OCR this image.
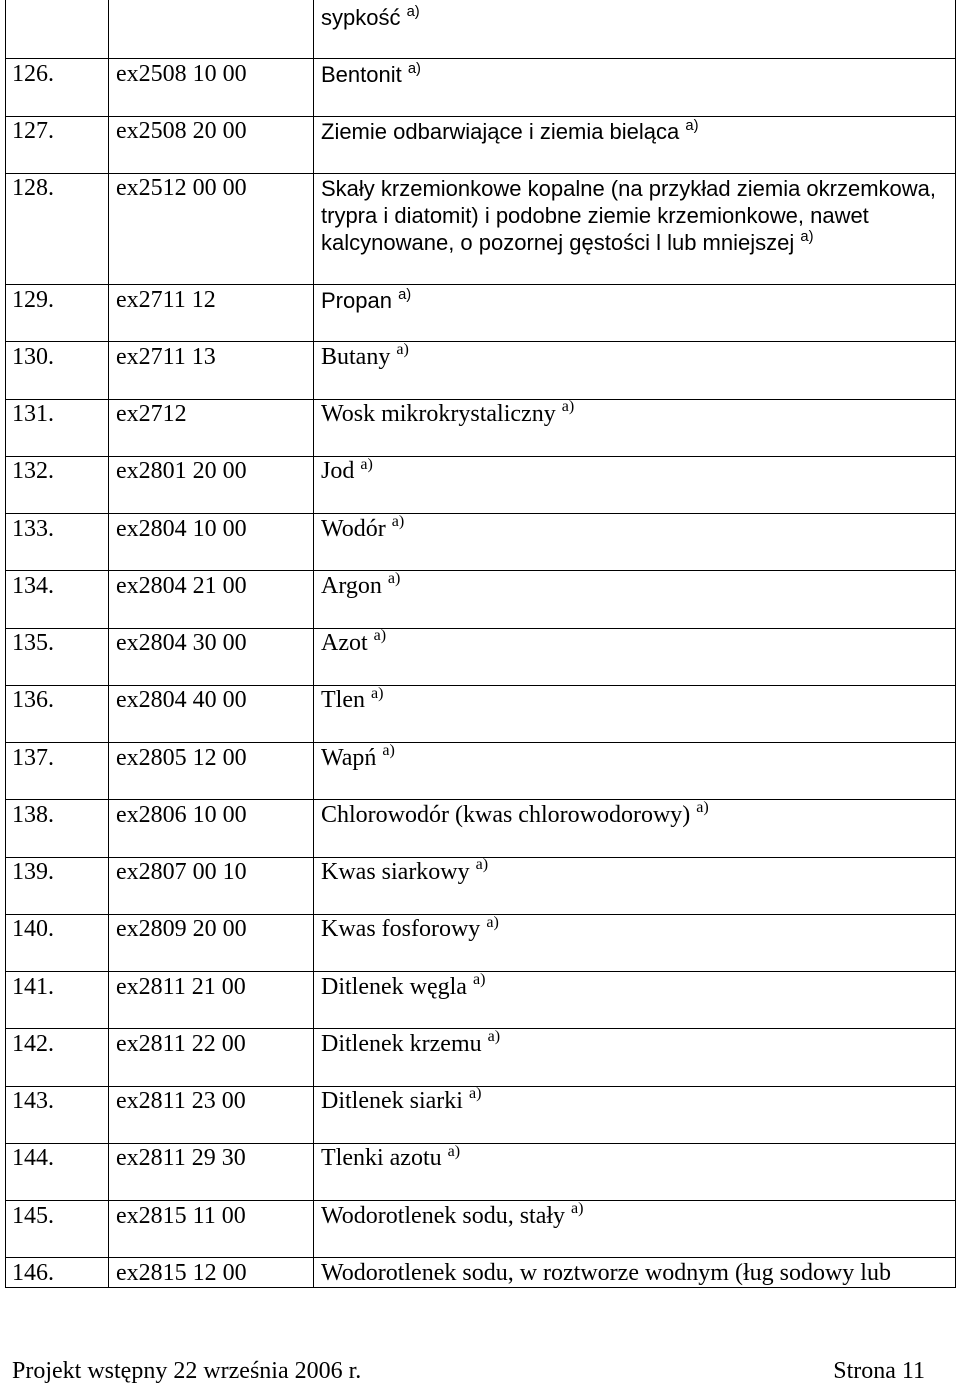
sypkość $^{a)}$
126.	ex2508 10 00	Bentonit $^{a)}$
127.	ex2508 20 00	Ziemie odbarwiające i ziemia bieląca $^{a)}$
128.	ex2512 00 00	Skały krzemionkowe kopalne (na przykład ziemia okrzemkowa,
trypra i diatomit) i podobne ziemie krzemionkowe, nawet
kalcynowane, o pozornej gęstości l lub mniejszej $^{a)}$
129.	ex2711 12	Propan $^{a)}$
130.	ex2711 13	Butany $^{a)}$
131.	ex2712	Wosk mikrokrystaliczny $^{a)}$
132.	ex2801 20 00	Jod $^{a)}$
133.	ex2804 10 00	Wodór $^{a)}$
134.	ex2804 21 00	Argon $^{a)}$
135.	ex2804 30 00	Azot $^{a)}$
136.	ex2804 40 00	Tlen $^{a)}$
137.	ex2805 12 00	Wapń $^{a)}$
138.	ex2806 10 00	Chlorowodór (kwas chlorowodorowy) $^{a)}$
139.	ex2807 00 10	Kwas siarkowy $^{a)}$
140.	ex2809 20 00	Kwas fosforowy $^{a)}$
141.	ex2811 21 00	Ditlenek węgla $^{a)}$
142.	ex2811 22 00	Ditlenek krzemu $^{a)}$
143.	ex2811 23 00	Ditlenek siarki $^{a)}$
144.	ex2811 29 30	Tlenki azotu $^{a)}$
145.	ex2815 11 00	Wodorotlenek sodu, stały $^{a)}$
146.	ex2815 12 00	Wodorotlenek sodu, w roztworze wodnym (ług sodowy lub
Projekt wstępny 22 września 2006 r.	Strona 11
